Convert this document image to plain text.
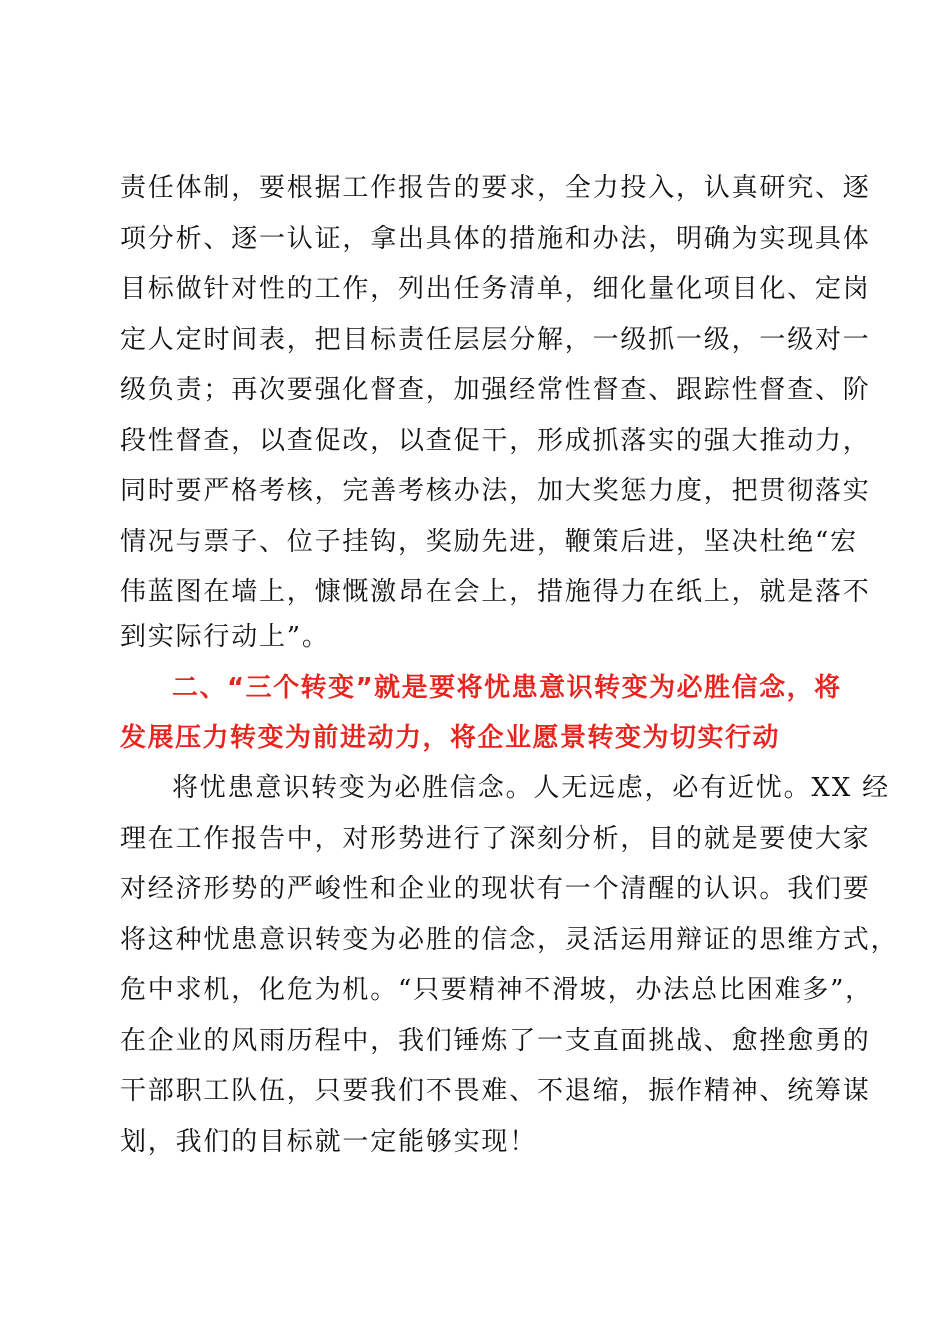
责任体制，要根据工作报告的要求，全力投入，认真研究、逐
项分析、逐一认证，拿出具体的措施和办法，明确为实现具体
目标做针对性的工作，列出任务清单，细化量化项目化、定岗
定人定时间表，把目标责任层层分解，一级抓一级，一级对一
级负责；再次要强化督查，加强经常性督查、跟踪性督查、阶
段性督查，以查促改，以查促干，形成抓落实的强大推动力，
同时要严格考核，完善考核办法，加大奖惩力度，把贯彻落实
情况与票子、位子挂钩，奖励先进，鞭策后进，坚决杜绝“宏
伟蓝图在墙上，慷慨激昂在会上，措施得力在纸上，就是落不
到实际行动上”。
二、“三个转变”就是要将忧患意识转变为必胜信念，将
发展压力转变为前进动力，将企业愿景转变为切实行动
将忧患意识转变为必胜信念。人无远虑，必有近忧。XX 经
理在工作报告中，对形势进行了深刻分析，目的就是要使大家
对经济形势的严峻性和企业的现状有一个清醒的认识。我们要
将这种忧患意识转变为必胜的信念，灵活运用辩证的思维方式，
危中求机，化危为机。“只要精神不滑坡，办法总比困难多”，
在企业的风雨历程中，我们锤炼了一支直面挑战、愈挫愈勇的
干部职工队伍，只要我们不畏难、不退缩，振作精神、统筹谋
划，我们的目标就一定能够实现！
